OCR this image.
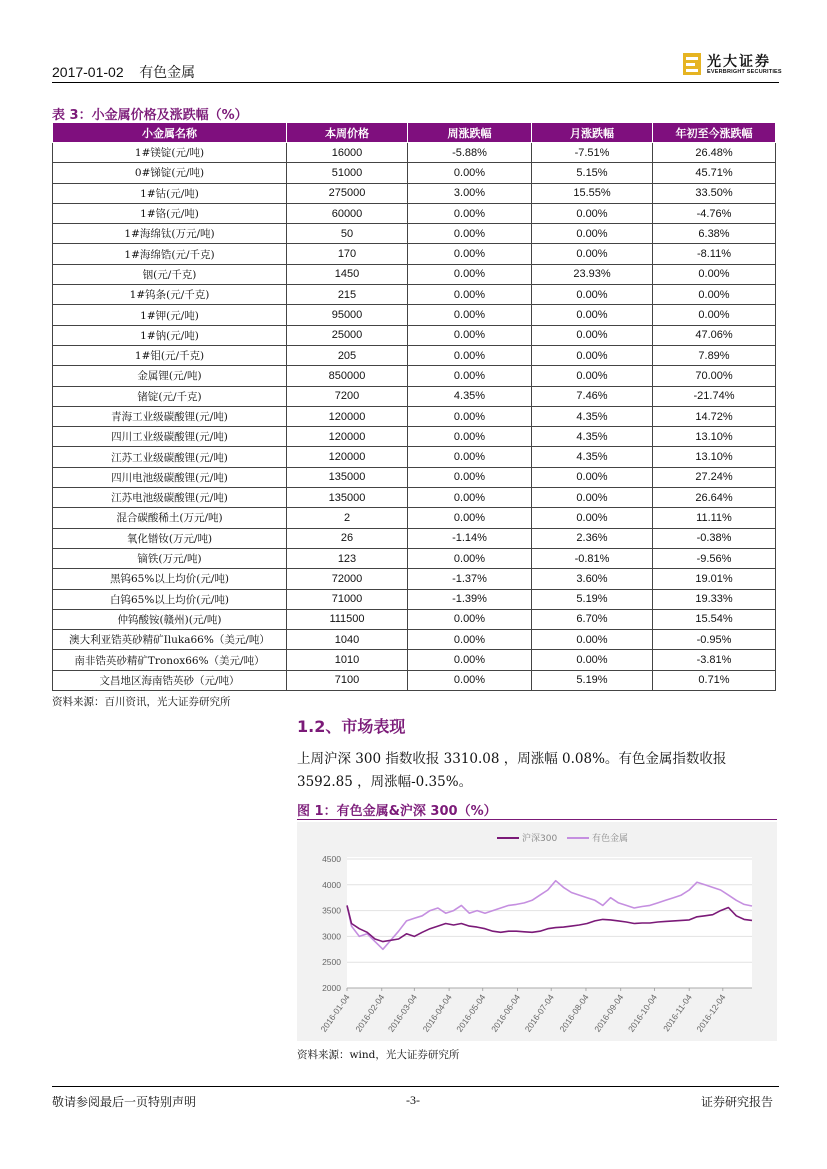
2017-01-02 有色金属
光大证券
EVERBRIGHT SECURITIES
表 3：小金属价格及涨跌幅（%）
小金属名称	本周价格	周涨跌幅	月涨跌幅	年初至今涨跌幅
1#镁锭(元/吨)	16000	-5.88%	-7.51%	26.48%
0#锑锭(元/吨)	51000	0.00%	5.15%	45.71%
1#钴(元/吨)	275000	3.00%	15.55%	33.50%
1#铬(元/吨)	60000	0.00%	0.00%	-4.76%
1#海绵钛(万元/吨)	50	0.00%	0.00%	6.38%
1#海绵锆(元/千克)	170	0.00%	0.00%	-8.11%
铟(元/千克)	1450	0.00%	23.93%	0.00%
1#钨条(元/千克)	215	0.00%	0.00%	0.00%
1#钾(元/吨)	95000	0.00%	0.00%	0.00%
1#钠(元/吨)	25000	0.00%	0.00%	47.06%
1#钼(元/千克)	205	0.00%	0.00%	7.89%
金属锂(元/吨)	850000	0.00%	0.00%	70.00%
锗锭(元/千克)	7200	4.35%	7.46%	-21.74%
青海工业级碳酸锂(元/吨)	120000	0.00%	4.35%	14.72%
四川工业级碳酸锂(元/吨)	120000	0.00%	4.35%	13.10%
江苏工业级碳酸锂(元/吨)	120000	0.00%	4.35%	13.10%
四川电池级碳酸锂(元/吨)	135000	0.00%	0.00%	27.24%
江苏电池级碳酸锂(元/吨)	135000	0.00%	0.00%	26.64%
混合碳酸稀土(万元/吨)	2	0.00%	0.00%	11.11%
氧化镨钕(万元/吨)	26	-1.14%	2.36%	-0.38%
镝铁(万元/吨)	123	0.00%	-0.81%	-9.56%
黑钨65%以上均价(元/吨)	72000	-1.37%	3.60%	19.01%
白钨65%以上均价(元/吨)	71000	-1.39%	5.19%	19.33%
仲钨酸铵(赣州)(元/吨)	111500	0.00%	6.70%	15.54%
澳大利亚锆英砂精矿Iluka66%（美元/吨）	1040	0.00%	0.00%	-0.95%
南非锆英砂精矿Tronox66%（美元/吨）	1010	0.00%	0.00%	-3.81%
文昌地区海南锆英砂（元/吨）	7100	0.00%	5.19%	0.71%
资料来源：百川资讯，光大证券研究所
1.2、市场表现
上周沪深 300 指数收报 3310.08 ，周涨幅 0.08%。有色金属指数收报 3592.85 ，周涨幅-0.35%。
图 1：有色金属&沪深 300（%）
2000
2500
3000
3500
4000
4500
2016-01-04 2016-02-04 2016-03-04 2016-04-04 2016-05-04 2016-06-04 2016-07-04 2016-08-04 2016-09-04 2016-10-04 2016-11-04 2016-12-04
沪深300	有色金属
资料来源：wind，光大证券研究所
敬请参阅最后一页特别声明	-3-	证券研究报告
